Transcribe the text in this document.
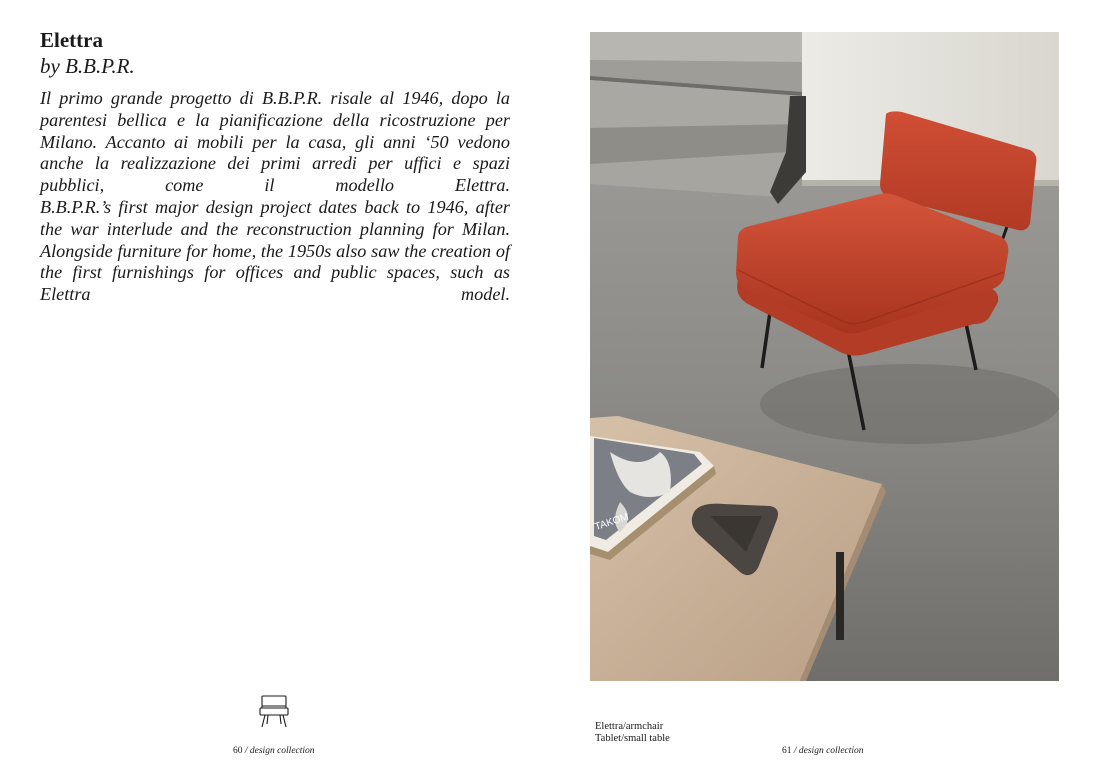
Elettra
by B.B.P.R.

Il primo grande progetto di B.B.P.R. risale al 1946, dopo la parentesi bellica e la pianificazione della ricostruzione per Milano. Accanto ai mobili per la casa, gli anni ‘50 vedono anche la realizzazione dei primi arredi per uffici e spazi pubblici, come il modello Elettra.

B.B.P.R.’s first major design project dates back to 1946, after the war interlude and the reconstruction planning for Milan. Alongside furniture for home, the 1950s also saw the creation of the first furnishings for offices and public spaces, such as Elettra model.

TAKOM
60 / design collection
Elettra/armchair
Tablet/small table
61 / design collection
